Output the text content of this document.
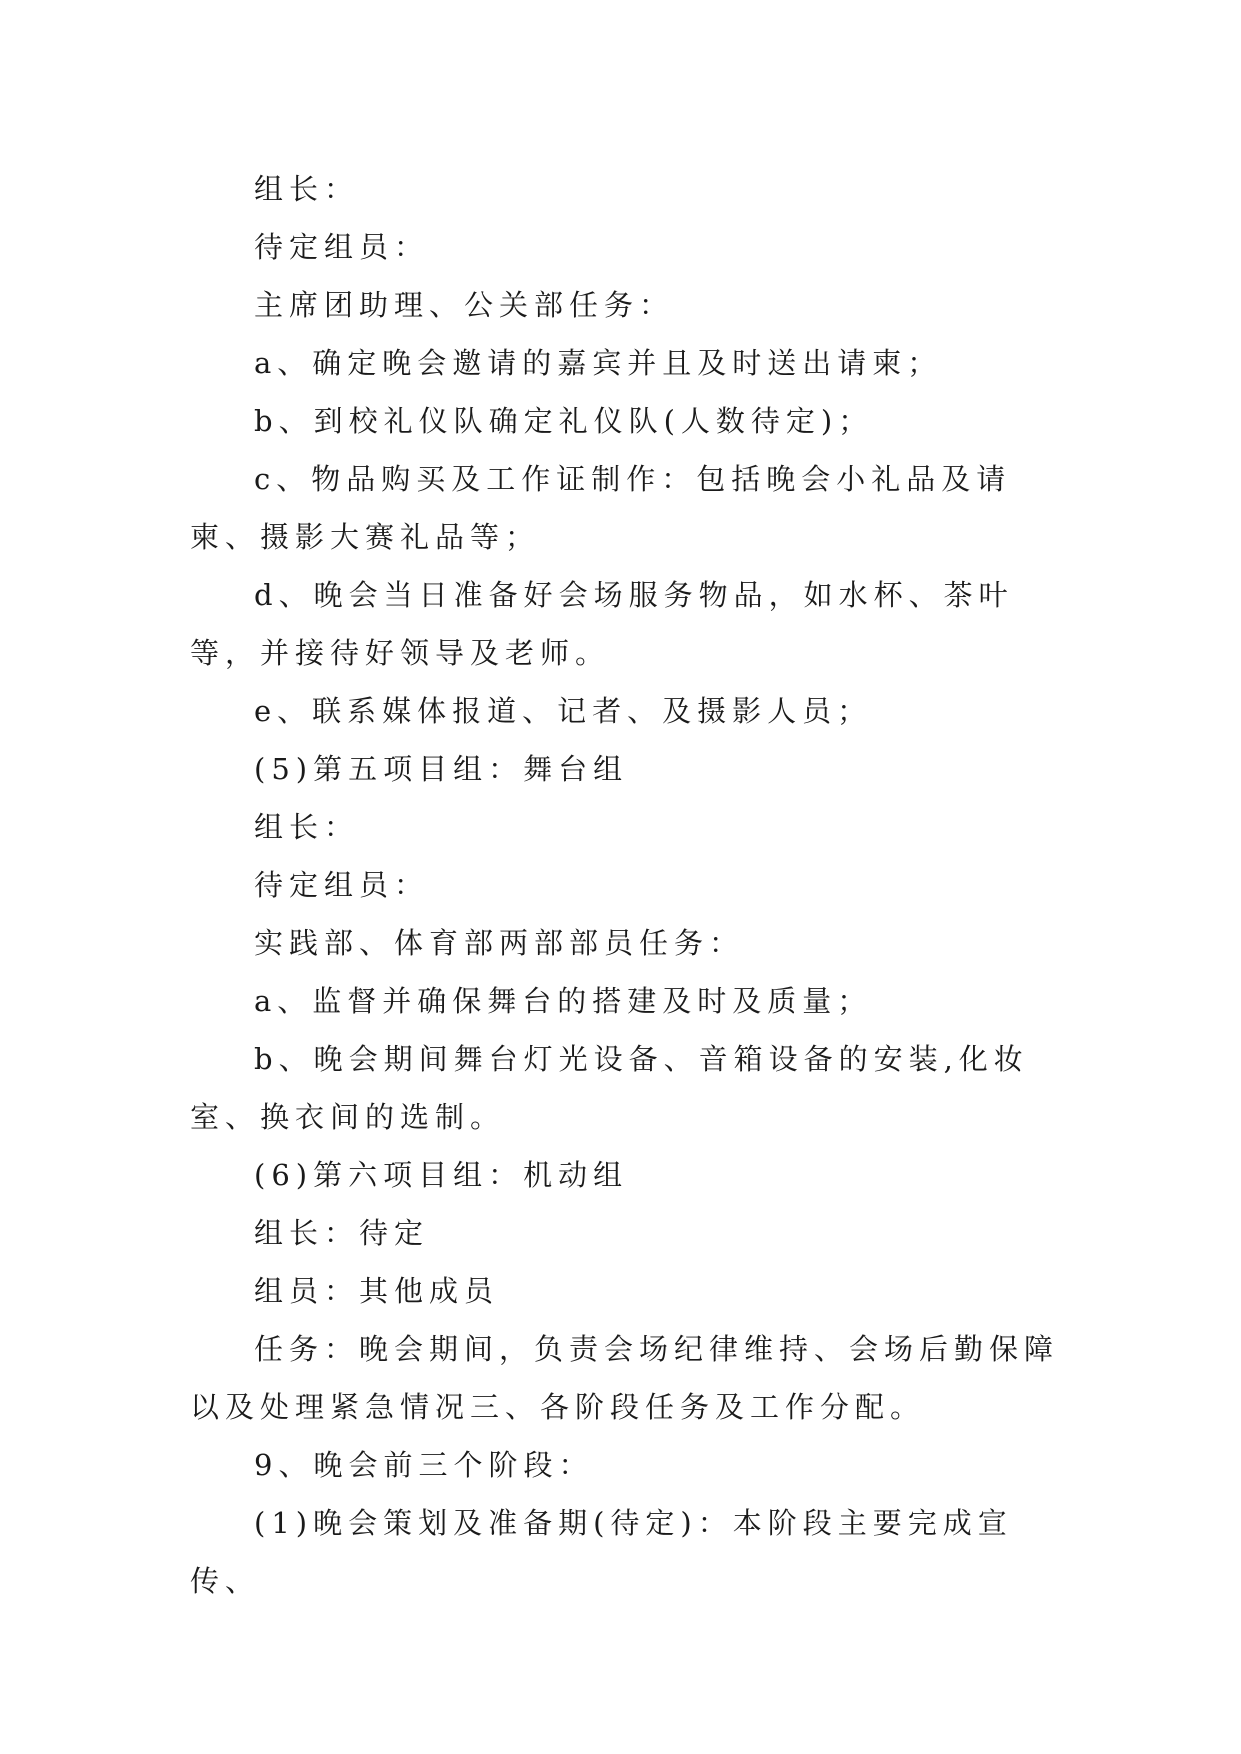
组长：

待定组员：

主席团助理、公关部任务：

a、确定晚会邀请的嘉宾并且及时送出请柬；

b、到校礼仪队确定礼仪队(人数待定)；

c、物品购买及工作证制作：包括晚会小礼品及请柬、摄影大赛礼品等；

d、晚会当日准备好会场服务物品，如水杯、茶叶等，并接待好领导及老师。

e、联系媒体报道、记者、及摄影人员；

(5)第五项目组：舞台组

组长：

待定组员：

实践部、体育部两部部员任务：

a、监督并确保舞台的搭建及时及质量；

b、晚会期间舞台灯光设备、音箱设备的安装,化妆室、换衣间的选制。

(6)第六项目组：机动组

组长：待定

组员：其他成员

任务：晚会期间，负责会场纪律维持、会场后勤保障以及处理紧急情况三、各阶段任务及工作分配。

9、晚会前三个阶段：

(1)晚会策划及准备期(待定)：本阶段主要完成宣传、
